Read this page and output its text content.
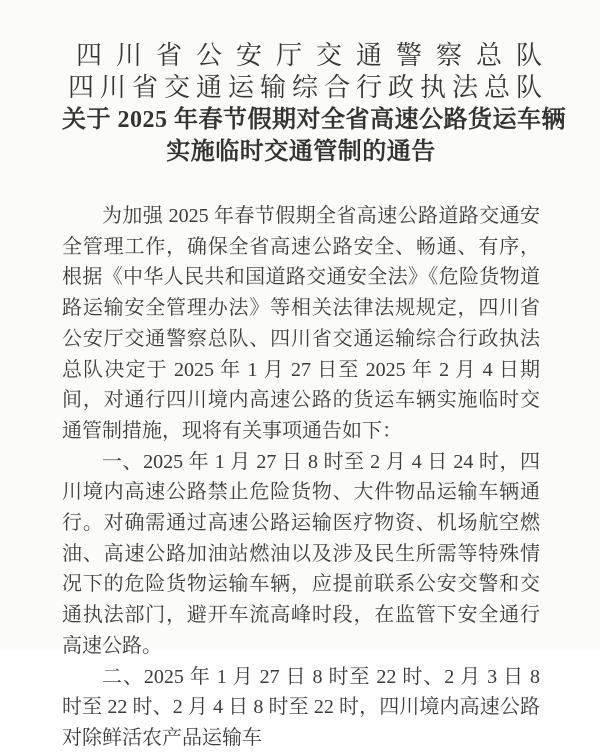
四川省公安厅交通警察总队
四川省交通运输综合行政执法总队
关于 2025 年春节假期对全省高速公路货运车辆
实施临时交通管制的通告

为加强 2025 年春节假期全省高速公路道路交通安全管理工作，确保全省高速公路安全、畅通、有序，根据《中华人民共和国道路交通安全法》《危险货物道路运输安全管理办法》等相关法律法规规定，四川省公安厅交通警察总队、四川省交通运输综合行政执法总队决定于 2025 年 1 月 27 日至 2025 年 2 月 4 日期间，对通行四川境内高速公路的货运车辆实施临时交通管制措施，现将有关事项通告如下：

一、2025 年 1 月 27 日 8 时至 2 月 4 日 24 时，四川境内高速公路禁止危险货物、大件物品运输车辆通行。对确需通过高速公路运输医疗物资、机场航空燃油、高速公路加油站燃油以及涉及民生所需等特殊情况下的危险货物运输车辆，应提前联系公安交警和交通执法部门，避开车流高峰时段，在监管下安全通行高速公路。

二、2025 年 1 月 27 日 8 时至 22 时、2 月 3 日 8 时至 22 时、2 月 4 日 8 时至 22 时，四川境内高速公路对除鲜活农产品运输车
